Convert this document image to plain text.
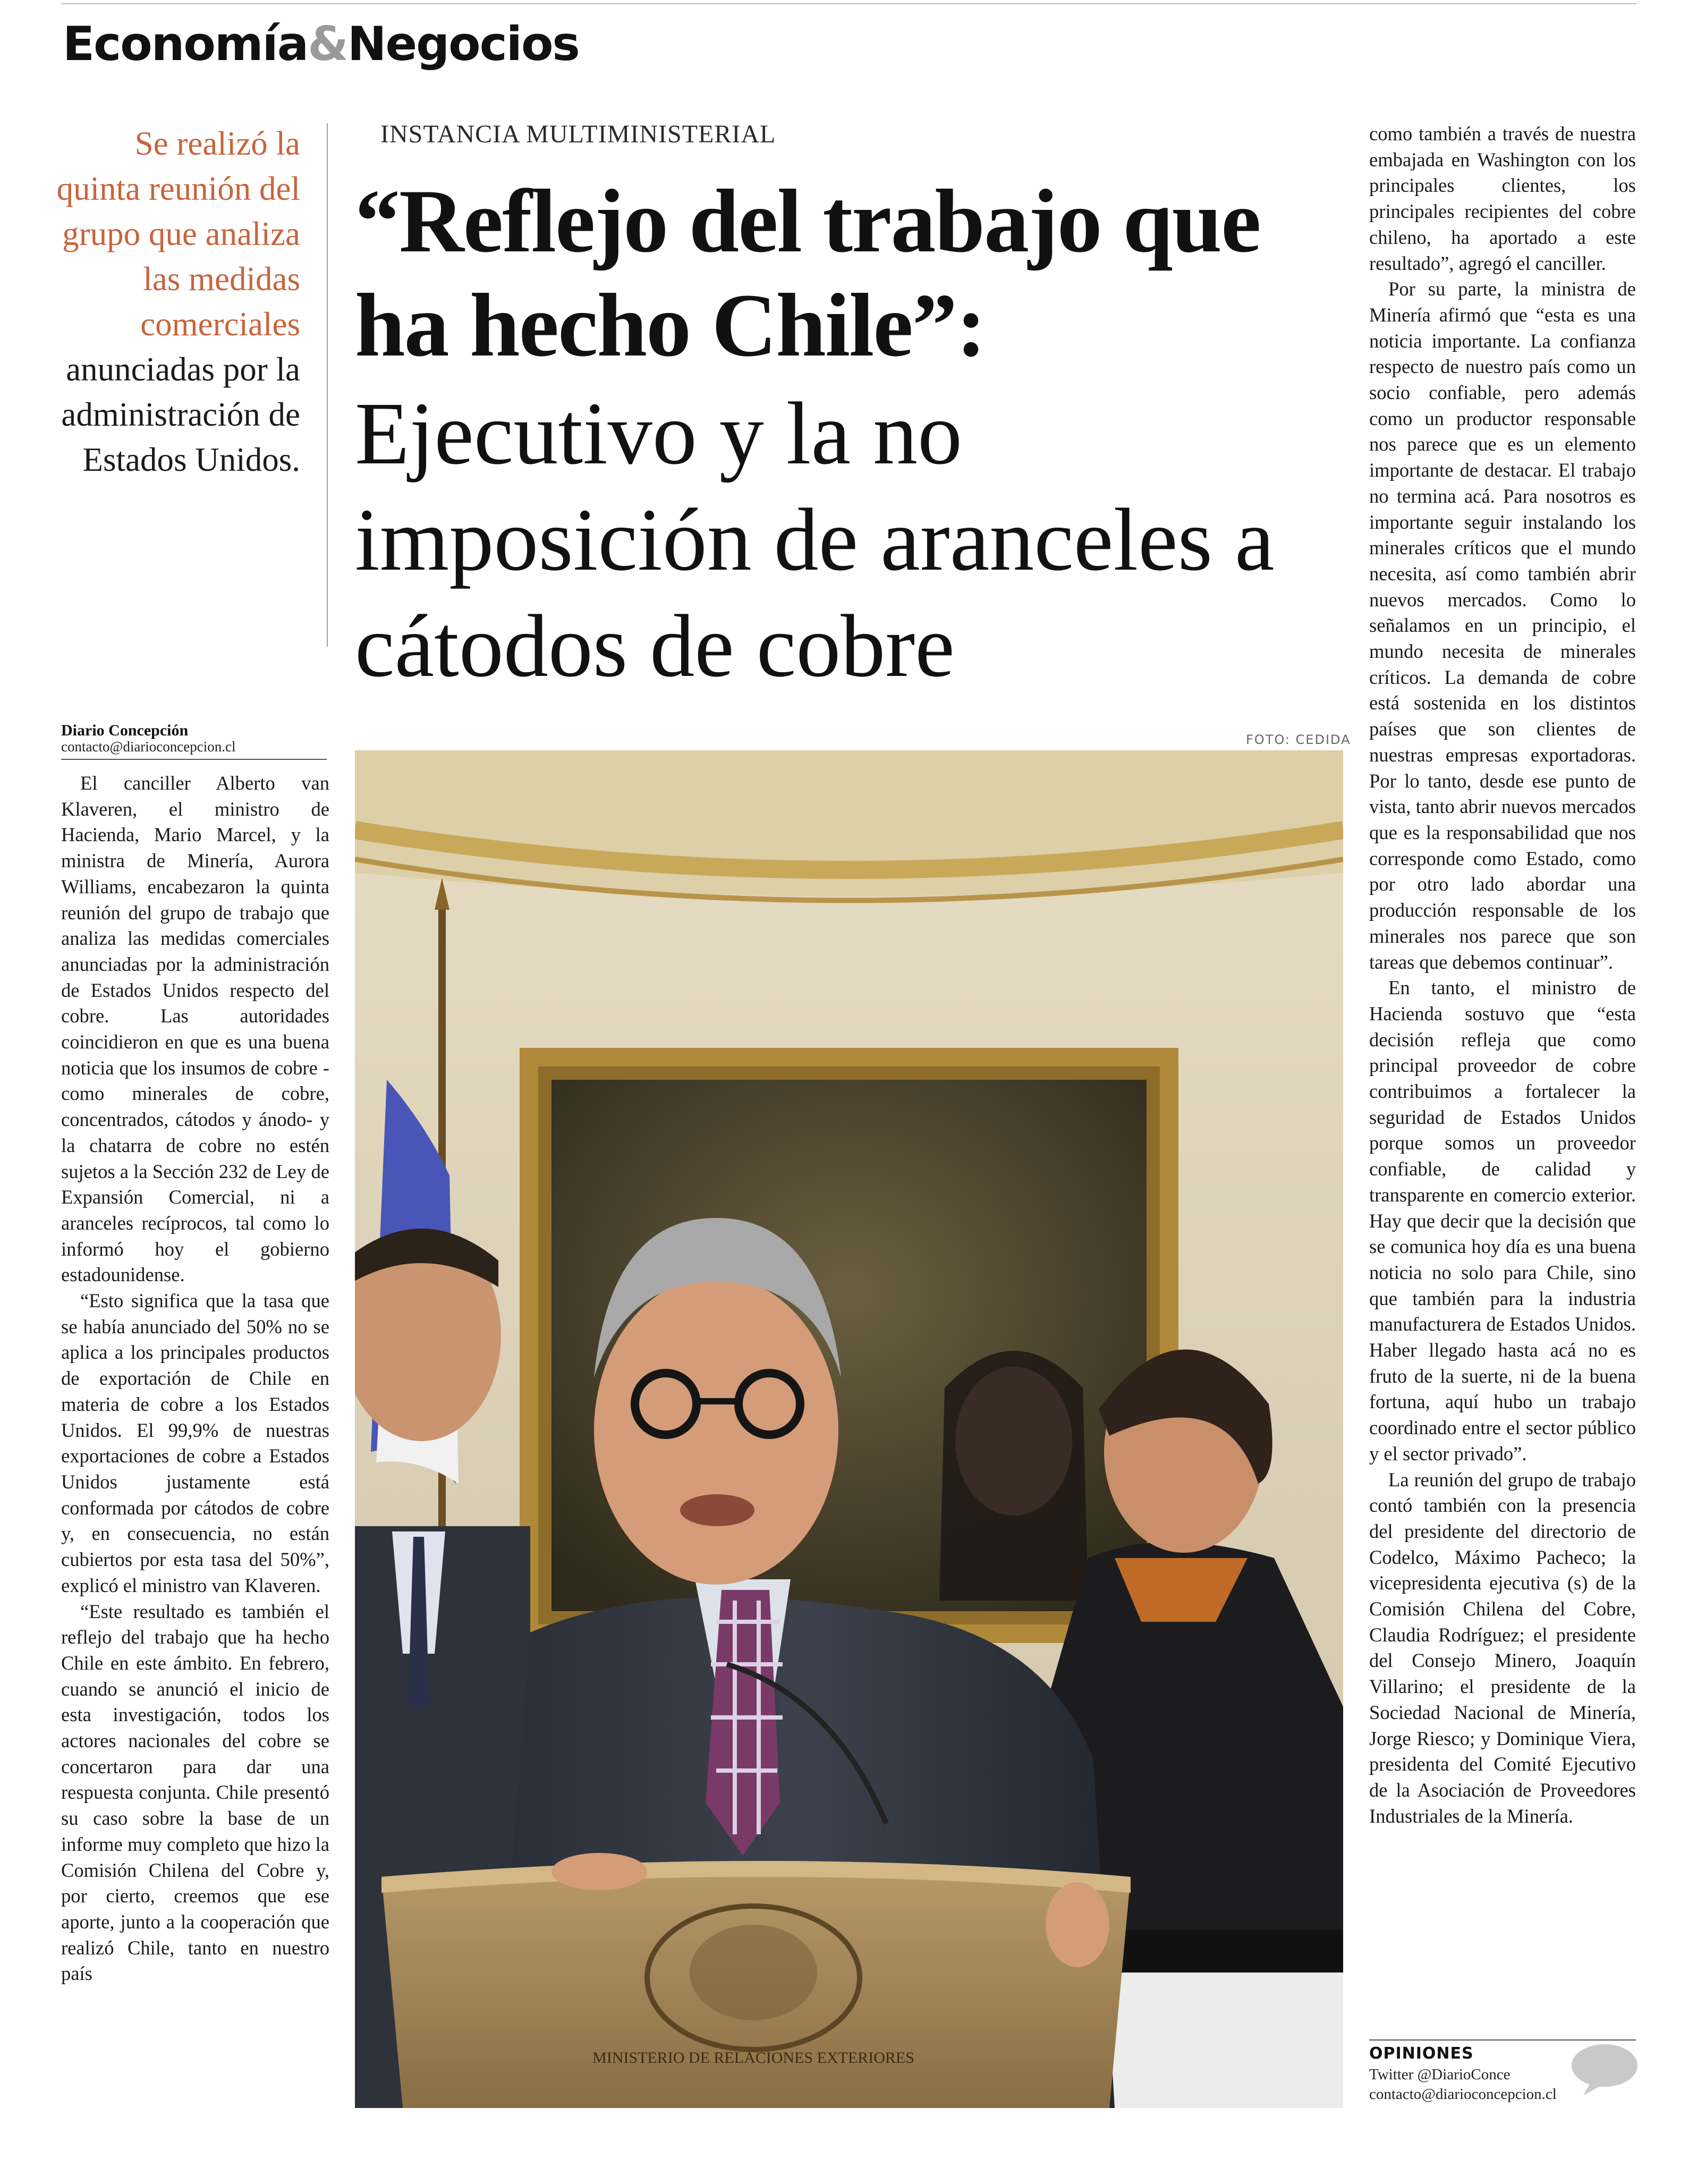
Economía&Negocios
Se realizó la quinta reunión del grupo que analiza las medidas comerciales anunciadas por la administración de Estados Unidos.
INSTANCIA MULTIMINISTERIAL
“Reflejo del trabajo que ha hecho Chile”:
Ejecutivo y la no imposición de aranceles a cátodos de cobre
Diario Concepción
contacto@diarioconcepcion.cl

El canciller Alberto van Klaveren, el ministro de Hacienda, Mario Marcel, y la ministra de Minería, Aurora Williams, encabezaron la quinta reunión del grupo de trabajo que analiza las medidas comerciales anunciadas por la administración de Estados Unidos respecto del cobre. Las autoridades coincidieron en que es una buena noticia que los insumos de cobre -como minerales de cobre, concentrados, cátodos y ánodo- y la chatarra de cobre no estén sujetos a la Sección 232 de Ley de Expansión Comercial, ni a aranceles recíprocos, tal como lo informó hoy el gobierno estadounidense.

“Esto significa que la tasa que se había anunciado del 50% no se aplica a los principales productos de exportación de Chile en materia de cobre a los Estados Unidos. El 99,9% de nuestras exportaciones de cobre a Estados Unidos justamente está conformada por cátodos de cobre y, en consecuencia, no están cubiertos por esta tasa del 50%”, explicó el ministro van Klaveren.

“Este resultado es también el reflejo del trabajo que ha hecho Chile en este ámbito. En febrero, cuando se anunció el inicio de esta investigación, todos los actores nacionales del cobre se concertaron para dar una respuesta conjunta. Chile presentó su caso sobre la base de un informe muy completo que hizo la Comisión Chilena del Cobre y, por cierto, creemos que ese aporte, junto a la cooperación que realizó Chile, tanto en nuestro país

FOTO: CEDIDA
MINISTERIO DE RELACIONES EXTERIORES

como también a través de nuestra embajada en Washington con los principales clientes, los principales recipientes del cobre chileno, ha aportado a este resultado”, agregó el canciller.

Por su parte, la ministra de Minería afirmó que “esta es una noticia importante. La confianza respecto de nuestro país como un socio confiable, pero además como un productor responsable nos parece que es un elemento importante de destacar. El trabajo no termina acá. Para nosotros es importante seguir instalando los minerales críticos que el mundo necesita, así como también abrir nuevos mercados. Como lo señalamos en un principio, el mundo necesita de minerales críticos. La demanda de cobre está sostenida en los distintos países que son clientes de nuestras empresas exportadoras. Por lo tanto, desde ese punto de vista, tanto abrir nuevos mercados que es la responsabilidad que nos corresponde como Estado, como por otro lado abordar una producción responsable de los minerales nos parece que son tareas que debemos continuar”.

En tanto, el ministro de Hacienda sostuvo que “esta decisión refleja que como principal proveedor de cobre contribuimos a fortalecer la seguridad de Estados Unidos porque somos un proveedor confiable, de calidad y transparente en comercio exterior. Hay que decir que la decisión que se comunica hoy día es una buena noticia no solo para Chile, sino que también para la industria manufacturera de Estados Unidos. Haber llegado hasta acá no es fruto de la suerte, ni de la buena fortuna, aquí hubo un trabajo coordinado entre el sector público y el sector privado”.

La reunión del grupo de trabajo contó también con la presencia del presidente del directorio de Codelco, Máximo Pacheco; la vicepresidenta ejecutiva (s) de la Comisión Chilena del Cobre, Claudia Rodríguez; el presidente del Consejo Minero, Joaquín Villarino; el presidente de la Sociedad Nacional de Minería, Jorge Riesco; y Dominique Viera, presidenta del Comité Ejecutivo de la Asociación de Proveedores Industriales de la Minería.

OPINIONES
Twitter @DiarioConce
contacto@diarioconcepcion.cl
